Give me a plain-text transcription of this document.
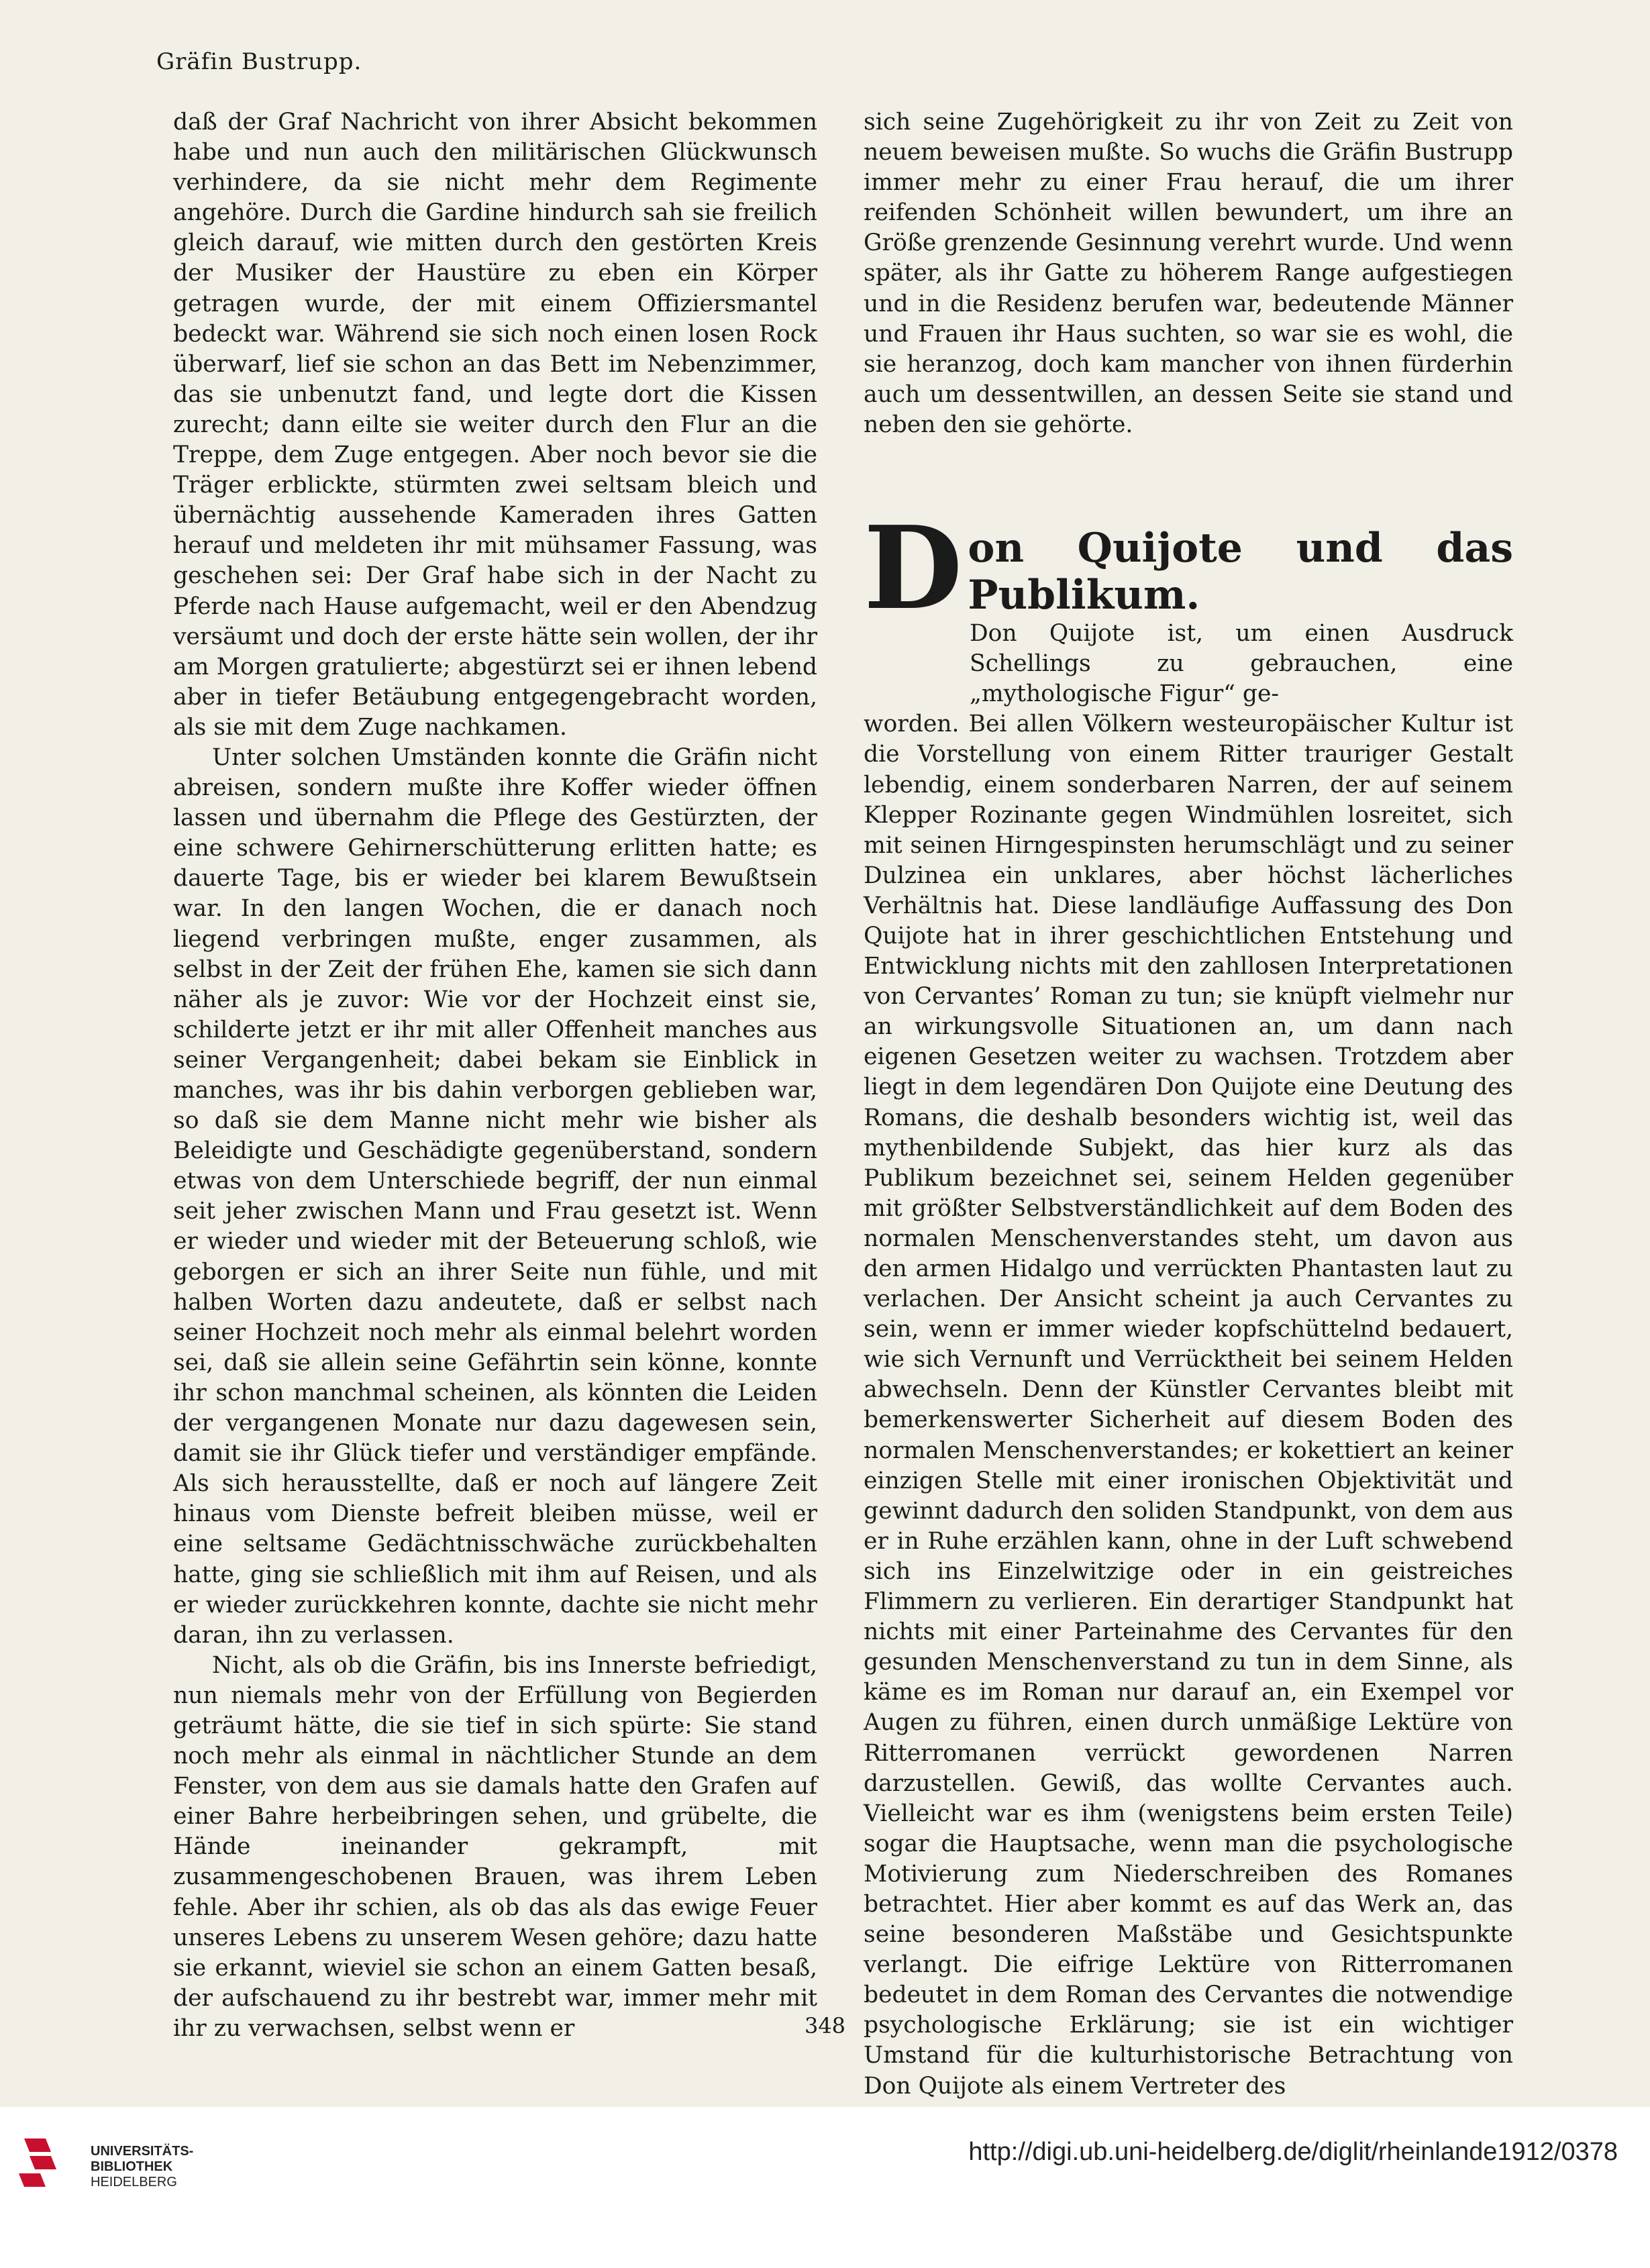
Gräfin Bustrupp.

daß der Graf Nachricht von ihrer Absicht bekommen habe und nun auch den militärischen Glückwunsch verhindere, da sie nicht mehr dem Regimente angehöre. Durch die Gardine hindurch sah sie freilich gleich darauf, wie mitten durch den gestörten Kreis der Musiker der Haustüre zu eben ein Körper getragen wurde, der mit einem Offiziersmantel bedeckt war. Während sie sich noch einen losen Rock überwarf, lief sie schon an das Bett im Nebenzimmer, das sie unbenutzt fand, und legte dort die Kissen zurecht; dann eilte sie weiter durch den Flur an die Treppe, dem Zuge entgegen. Aber noch bevor sie die Träger erblickte, stürmten zwei seltsam bleich und übernächtig aussehende Kameraden ihres Gatten herauf und meldeten ihr mit mühsamer Fassung, was geschehen sei: Der Graf habe sich in der Nacht zu Pferde nach Hause aufgemacht, weil er den Abendzug versäumt und doch der erste hätte sein wollen, der ihr am Morgen gratulierte; abgestürzt sei er ihnen lebend aber in tiefer Betäubung entgegengebracht worden, als sie mit dem Zuge nachkamen.

Unter solchen Umständen konnte die Gräfin nicht abreisen, sondern mußte ihre Koffer wieder öffnen lassen und übernahm die Pflege des Gestürzten, der eine schwere Gehirnerschütterung erlitten hatte; es dauerte Tage, bis er wieder bei klarem Bewußtsein war. In den langen Wochen, die er danach noch liegend verbringen mußte, enger zusammen, als selbst in der Zeit der frühen Ehe, kamen sie sich dann näher als je zuvor: Wie vor der Hochzeit einst sie, schilderte jetzt er ihr mit aller Offenheit manches aus seiner Vergangenheit; dabei bekam sie Einblick in manches, was ihr bis dahin verborgen geblieben war, so daß sie dem Manne nicht mehr wie bisher als Beleidigte und Geschädigte gegenüberstand, sondern etwas von dem Unterschiede begriff, der nun einmal seit jeher zwischen Mann und Frau gesetzt ist. Wenn er wieder und wieder mit der Beteuerung schloß, wie geborgen er sich an ihrer Seite nun fühle, und mit halben Worten dazu andeutete, daß er selbst nach seiner Hochzeit noch mehr als einmal belehrt worden sei, daß sie allein seine Gefährtin sein könne, konnte ihr schon manchmal scheinen, als könnten die Leiden der vergangenen Monate nur dazu dagewesen sein, damit sie ihr Glück tiefer und verständiger empfände. Als sich herausstellte, daß er noch auf längere Zeit hinaus vom Dienste befreit bleiben müsse, weil er eine seltsame Gedächtnisschwäche zurückbehalten hatte, ging sie schließlich mit ihm auf Reisen, und als er wieder zurückkehren konnte, dachte sie nicht mehr daran, ihn zu verlassen.

Nicht, als ob die Gräfin, bis ins Innerste befriedigt, nun niemals mehr von der Erfüllung von Begierden geträumt hätte, die sie tief in sich spürte: Sie stand noch mehr als einmal in nächtlicher Stunde an dem Fenster, von dem aus sie damals hatte den Grafen auf einer Bahre herbeibringen sehen, und grübelte, die Hände ineinander gekrampft, mit zusammengeschobenen Brauen, was ihrem Leben fehle. Aber ihr schien, als ob das als das ewige Feuer unseres Lebens zu unserem Wesen gehöre; dazu hatte sie erkannt, wieviel sie schon an einem Gatten besaß, der aufschauend zu ihr bestrebt war, immer mehr mit ihr zu verwachsen, selbst wenn er

sich seine Zugehörigkeit zu ihr von Zeit zu Zeit von neuem beweisen mußte. So wuchs die Gräfin Bustrupp immer mehr zu einer Frau herauf, die um ihrer reifenden Schönheit willen bewundert, um ihre an Größe grenzende Gesinnung verehrt wurde. Und wenn später, als ihr Gatte zu höherem Range aufgestiegen und in die Residenz berufen war, bedeutende Männer und Frauen ihr Haus suchten, so war sie es wohl, die sie heranzog, doch kam mancher von ihnen fürderhin auch um dessentwillen, an dessen Seite sie stand und neben den sie gehörte.

D on Quijote und das Publikum.

Don Quijote ist, um einen Ausdruck Schellings zu gebrauchen, eine „mythologische Figur“ ge-

worden. Bei allen Völkern westeuropäischer Kultur ist die Vorstellung von einem Ritter trauriger Gestalt lebendig, einem sonderbaren Narren, der auf seinem Klepper Rozinante gegen Windmühlen losreitet, sich mit seinen Hirngespinsten herumschlägt und zu seiner Dulzinea ein unklares, aber höchst lächerliches Verhältnis hat. Diese landläufige Auffassung des Don Quijote hat in ihrer geschichtlichen Entstehung und Entwicklung nichts mit den zahllosen Interpretationen von Cervantes’ Roman zu tun; sie knüpft vielmehr nur an wirkungsvolle Situationen an, um dann nach eigenen Gesetzen weiter zu wachsen. Trotzdem aber liegt in dem legendären Don Quijote eine Deutung des Romans, die deshalb besonders wichtig ist, weil das mythenbildende Subjekt, das hier kurz als das Publikum bezeichnet sei, seinem Helden gegenüber mit größter Selbstverständlichkeit auf dem Boden des normalen Menschenverstandes steht, um davon aus den armen Hidalgo und verrückten Phantasten laut zu verlachen. Der Ansicht scheint ja auch Cervantes zu sein, wenn er immer wieder kopfschüttelnd bedauert, wie sich Vernunft und Verrücktheit bei seinem Helden abwechseln. Denn der Künstler Cervantes bleibt mit bemerkenswerter Sicherheit auf diesem Boden des normalen Menschenverstandes; er kokettiert an keiner einzigen Stelle mit einer ironischen Objektivität und gewinnt dadurch den soliden Standpunkt, von dem aus er in Ruhe erzählen kann, ohne in der Luft schwebend sich ins Einzelwitzige oder in ein geistreiches Flimmern zu verlieren. Ein derartiger Standpunkt hat nichts mit einer Parteinahme des Cervantes für den gesunden Menschenverstand zu tun in dem Sinne, als käme es im Roman nur darauf an, ein Exempel vor Augen zu führen, einen durch unmäßige Lektüre von Ritterromanen verrückt gewordenen Narren darzustellen. Gewiß, das wollte Cervantes auch. Vielleicht war es ihm (wenigstens beim ersten Teile) sogar die Hauptsache, wenn man die psychologische Motivierung zum Niederschreiben des Romanes betrachtet. Hier aber kommt es auf das Werk an, das seine besonderen Maßstäbe und Gesichtspunkte verlangt. Die eifrige Lektüre von Ritterromanen bedeutet in dem Roman des Cervantes die notwendige psychologische Erklärung; sie ist ein wichtiger Umstand für die kulturhistorische Betrachtung von Don Quijote als einem Vertreter des

348
UNIVERSITÄTS-
BIBLIOTHEK
HEIDELBERG
http://digi.ub.uni-heidelberg.de/diglit/rheinlande1912/0378
